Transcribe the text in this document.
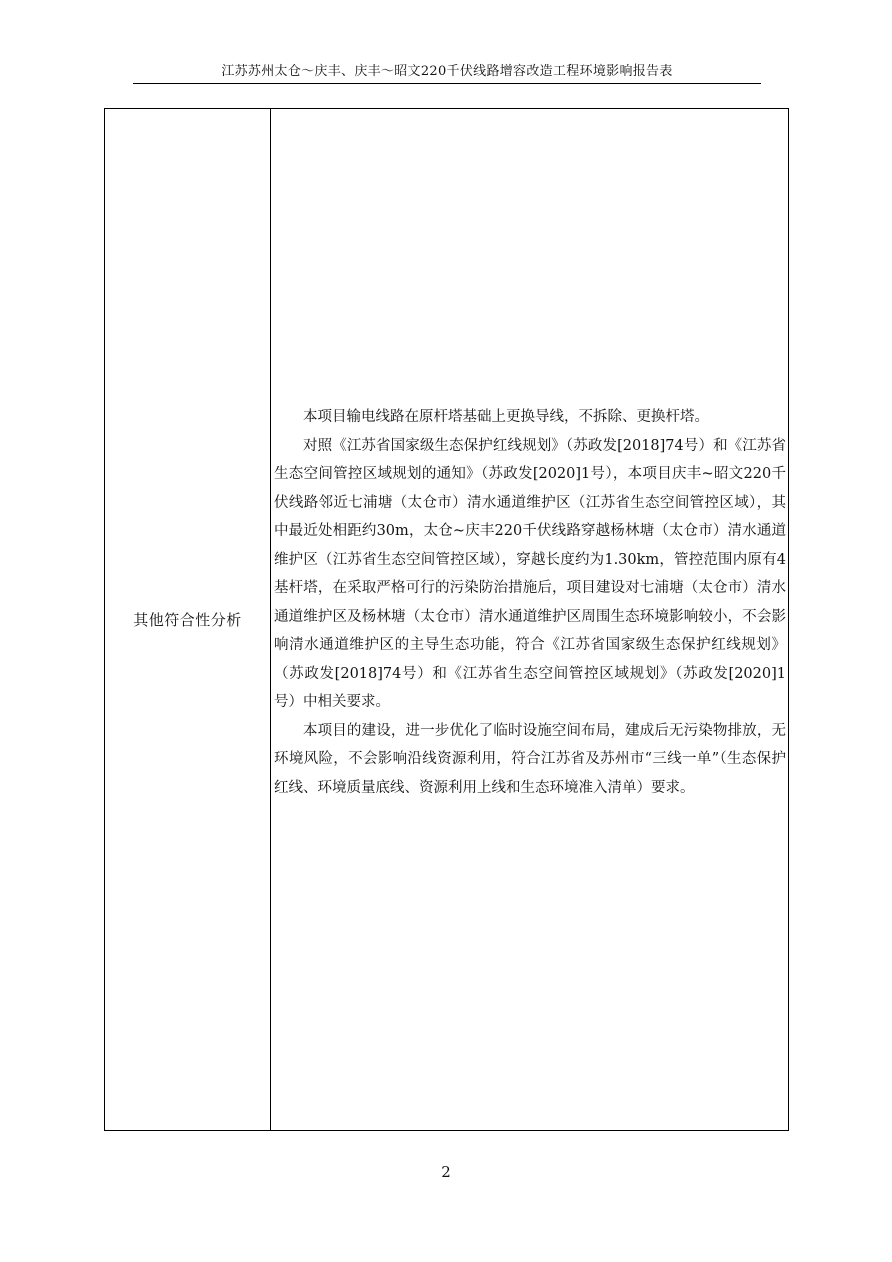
江苏苏州太仓～庆丰、庆丰～昭文220千伏线路增容改造工程环境影响报告表
其他符合性分析

本项目输电线路在原杆塔基础上更换导线，不拆除、更换杆塔。

对照《江苏省国家级生态保护红线规划》（苏政发[2018]74号）和《江苏省生态空间管控区域规划的通知》（苏政发[2020]1号），本项目庆丰~昭文220千伏线路邻近七浦塘（太仓市）清水通道维护区（江苏省生态空间管控区域），其中最近处相距约30m，太仓~庆丰220千伏线路穿越杨林塘（太仓市）清水通道维护区（江苏省生态空间管控区域），穿越长度约为1.30km，管控范围内原有4基杆塔，在采取严格可行的污染防治措施后，项目建设对七浦塘（太仓市）清水通道维护区及杨林塘（太仓市）清水通道维护区周围生态环境影响较小，不会影响清水通道维护区的主导生态功能，符合《江苏省国家级生态保护红线规划》（苏政发[2018]74号）和《江苏省生态空间管控区域规划》（苏政发[2020]1号）中相关要求。

本项目的建设，进一步优化了临时设施空间布局，建成后无污染物排放，无环境风险，不会影响沿线资源利用，符合江苏省及苏州市“三线一单”（生态保护红线、环境质量底线、资源利用上线和生态环境准入清单）要求。

2
